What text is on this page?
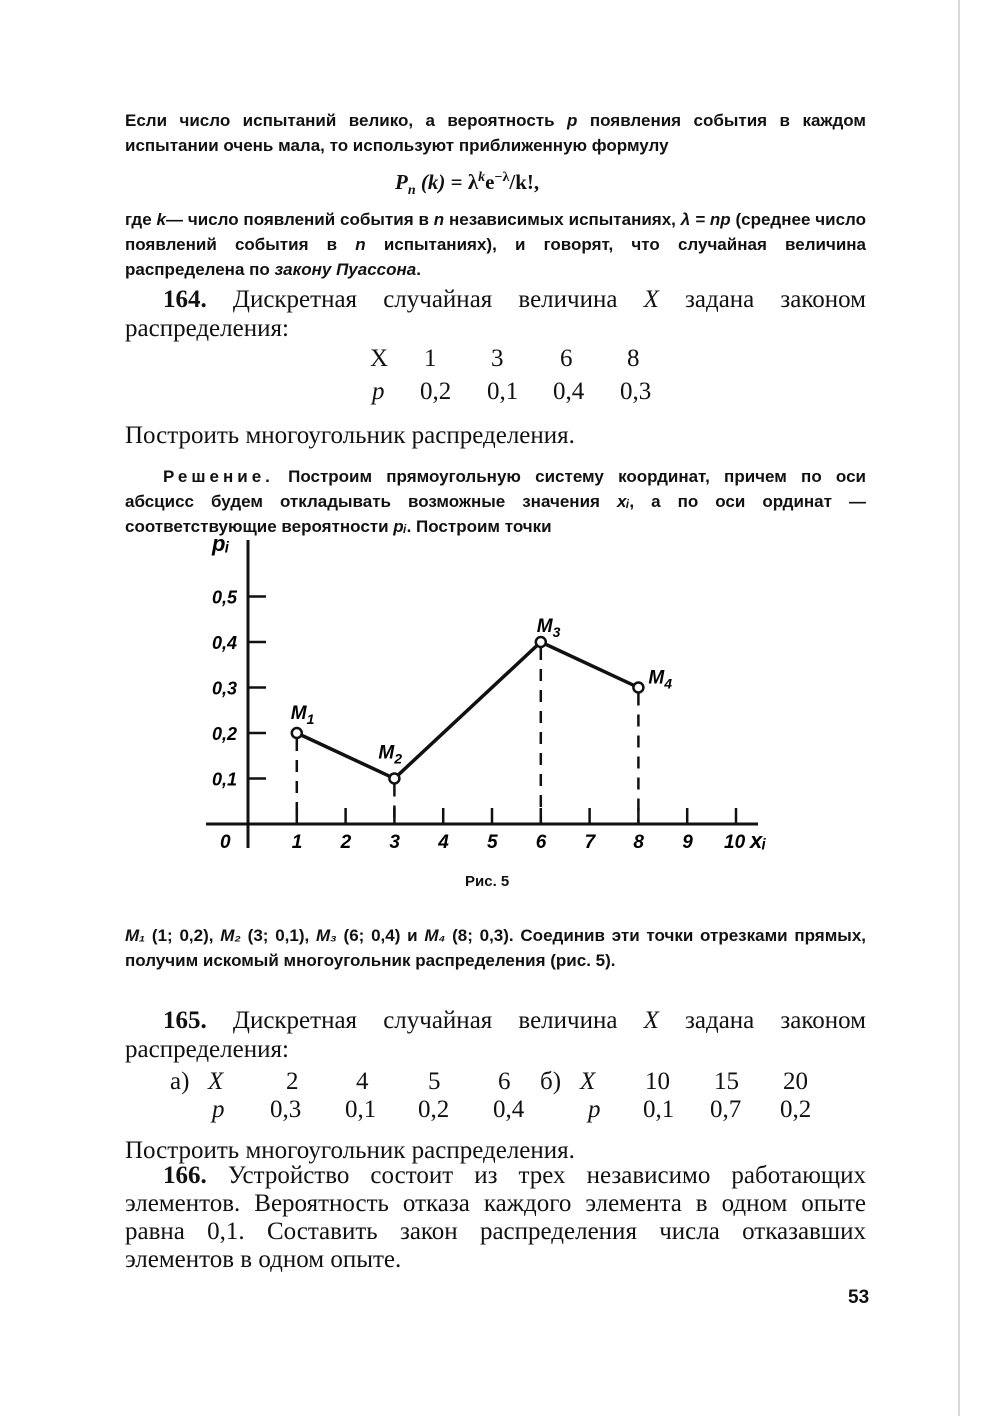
Если число испытаний велико, а вероятность p появления события в каждом испытании очень мала, то используют приближенную формулу

$P_n$ $(k) = \lambda^ke^{-\lambda}/k$!,

где k— число появлений события в n независимых испытаниях, λ = np (среднее число появлений события в n испытаниях), и говорят, что случайная величина распределена по закону Пуассона.

164. Дискретная случайная величина X задана законом распределения:

X 1 3 6 8
p 0,2 0,1 0,4 0,3

Построить многоугольник распределения.

Решение. Построим прямоугольную систему координат, причем по оси абсцисс будем откладывать возможные значения xᵢ, а по оси ординат — соответствующие вероятности pᵢ. Построим точки

pᵢ
xᵢ
0	1 2 3 4 5 6 7 8 9 10
0,1
0,2
0,3
0,4
0,5
$M_1$
$M_2$
$M_3$
$M_4$
Рис. 5

M₁ (1; 0,2), M₂ (3; 0,1), M₃ (6; 0,4) и M₄ (8; 0,3). Соединив эти точки отрезками прямых, получим искомый многоугольник распределения (рис. 5).

165. Дискретная случайная величина X задана законом распределения:

а) X	2 4 5 6
p 0,3 0,1 0,2 0,4
б) X 10 15 20
p 0,1 0,7 0,2

Построить многоугольник распределения.

166. Устройство состоит из трех независимо работающих элементов. Вероятность отказа каждого элемента в одном опыте равна 0,1. Составить закон распределения числа отказавших элементов в одном опыте.

53
